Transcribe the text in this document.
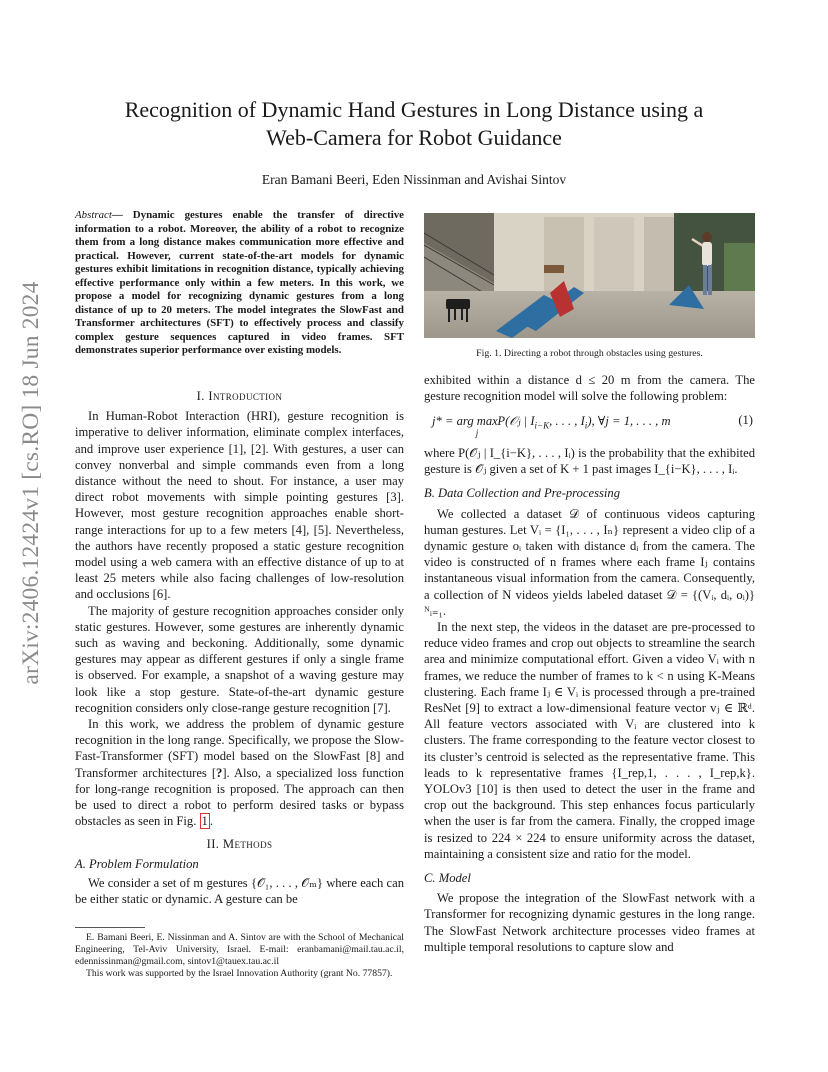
arXiv:2406.12424v1 [cs.RO] 18 Jun 2024
Recognition of Dynamic Hand Gestures in Long Distance using a
Web-Camera for Robot Guidance
Eran Bamani Beeri, Eden Nissinman and Avishai Sintov
Abstract— Dynamic gestures enable the transfer of directive information to a robot. Moreover, the ability of a robot to recognize them from a long distance makes communication more effective and practical. However, current state-of-the-art models for dynamic gestures exhibit limitations in recognition distance, typically achieving effective performance only within a few meters. In this work, we propose a model for recognizing dynamic gestures from a long distance of up to 20 meters. The model integrates the SlowFast and Transformer architectures (SFT) to effectively process and classify complex gesture sequences captured in video frames. SFT demonstrates superior performance over existing models.
I. Introduction

In Human-Robot Interaction (HRI), gesture recognition is imperative to deliver information, eliminate complex interfaces, and improve user experience [1], [2]. With gestures, a user can convey nonverbal and simple commands even from a long distance without the need to shout. For instance, a user may direct robot movements with simple pointing gestures [3]. However, most gesture recognition approaches enable short-range interactions for up to a few meters [4], [5]. Nevertheless, the authors have recently proposed a static gesture recognition model using a web camera with an effective distance of up to at least 25 meters while also facing challenges of low-resolution and occlusions [6].

The majority of gesture recognition approaches consider only static gestures. However, some gestures are inherently dynamic such as waving and beckoning. Additionally, some dynamic gestures may appear as different gestures if only a single frame is observed. For example, a snapshot of a waving gesture may look like a stop gesture. State-of-the-art dynamic gesture recognition considers only close-range gesture recognition [7].

In this work, we address the problem of dynamic gesture recognition in the long range. Specifically, we propose the Slow-Fast-Transformer (SFT) model based on the SlowFast [8] and Transformer architectures [?]. Also, a specialized loss function for long-range recognition is proposed. The approach can then be used to direct a robot to perform desired tasks or bypass obstacles as seen in Fig. 1 .

II. Methods
A. Problem Formulation

We consider a set of m gestures {𝒪₁, . . . , 𝒪ₘ} where each can be either static or dynamic. A gesture can be

E. Bamani Beeri, E. Nissinman and A. Sintov are with the School of Mechanical Engineering, Tel-Aviv University, Israel. E-mail: eranbamani@mail.tau.ac.il, edennissinman@gmail.com, sintov1@tauex.tau.ac.il

This work was supported by the Israel Innovation Authority (grant No. 77857).

Fig. 1. Directing a robot through obstacles using gestures.

exhibited within a distance d ≤ 20 m from the camera. The gesture recognition model will solve the following problem:

j* = arg $\max_j$ P(𝒪ⱼ | $I_{i-K}$, . . . , $I_i$), ∀j = 1, . . . , m	(1)

where P(𝒪ⱼ | I_{i−K}, . . . , Iᵢ) is the probability that the exhibited gesture is 𝒪ⱼ given a set of K + 1 past images I_{i−K}, . . . , Iᵢ.

B. Data Collection and Pre-processing

We collected a dataset 𝒟 of continuous videos capturing human gestures. Let Vᵢ = {I₁, . . . , Iₙ} represent a video clip of a dynamic gesture oᵢ taken with distance dᵢ from the camera. The video is constructed of n frames where each frame Iⱼ contains instantaneous visual information from the camera. Consequently, a collection of N videos yields labeled dataset 𝒟 = {(Vᵢ, dᵢ, oᵢ)}ᴺᵢ₌₁.

In the next step, the videos in the dataset are pre-processed to reduce video frames and crop out objects to streamline the search area and minimize computational effort. Given a video Vᵢ with n frames, we reduce the number of frames to k < n using K-Means clustering. Each frame Iⱼ ∈ Vᵢ is processed through a pre-trained ResNet [9] to extract a low-dimensional feature vector vⱼ ∈ ℝᵈ. All feature vectors associated with Vᵢ are clustered into k clusters. The frame corresponding to the feature vector closest to its cluster’s centroid is selected as the representative frame. This leads to k representative frames {I_rep,1, . . . , I_rep,k}. YOLOv3 [10] is then used to detect the user in the frame and crop out the background. This step enhances focus particularly when the user is far from the camera. Finally, the cropped image is resized to 224 × 224 to ensure uniformity across the dataset, maintaining a consistent size and ratio for the model.

C. Model

We propose the integration of the SlowFast network with a Transformer for recognizing dynamic gestures in the long range. The SlowFast Network architecture processes video frames at multiple temporal resolutions to capture slow and
